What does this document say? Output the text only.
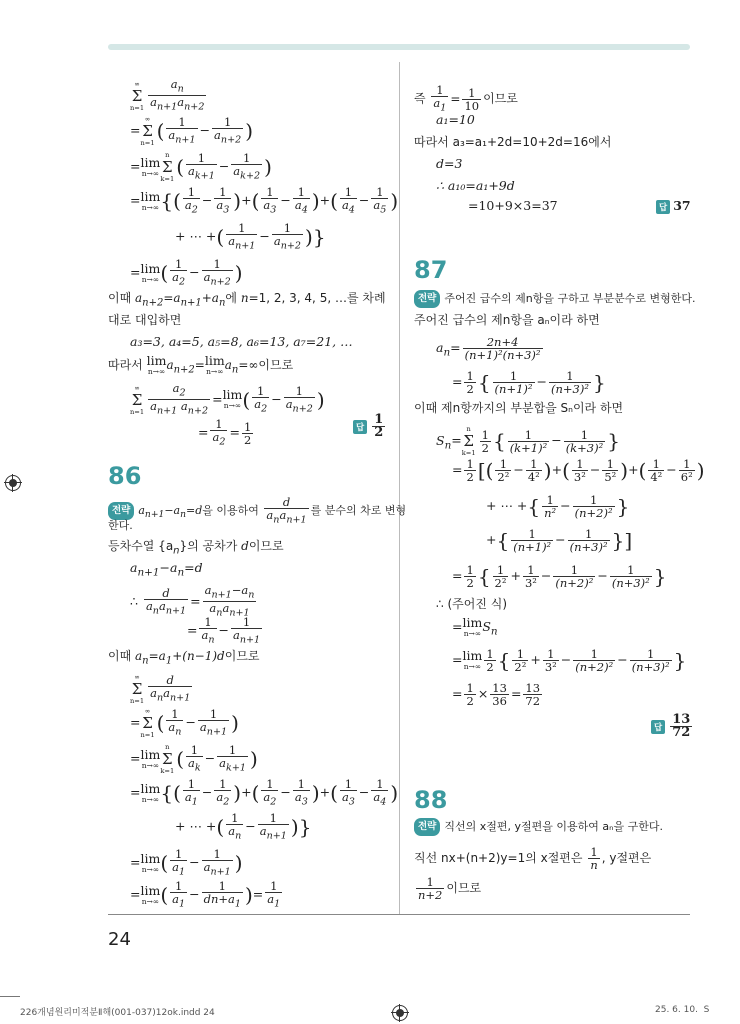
∞
Σ
$n=1 \frac{a_n}{a_{n+1}a_{n+2}}$
=∞
Σ
n=1 ( $\frac{1}{a_{n+1}} - \frac{1}{a_{n+2}}$ )
= lim
n→∞
n
Σ
k=1 ( $\frac{1}{a_{k+1}} - \frac{1}{a_{k+2}}$ )
= lim
n→∞ {( $\frac{1}{a_2} - \frac{1}{a_3}$ )+( $\frac{1}{a_3} - \frac{1}{a_4}$ )+( $\frac{1}{a_4} - \frac{1}{a_5}$ )
+ ⋯ +( $\frac{1}{a_{n+1}} - \frac{1}{a_{n+2}}$ )}
= lim
n→∞ ( $\frac{1}{a_2} - \frac{1}{a_{n+2}}$ )
이때 $a_{n+2}=a_{n+1}+a_n$에 n=1, 2, 3, 4, 5, …를 차례
대로 대입하면
a₃=3, a₄=5, a₅=8, a₆=13, a₇=21, …
따라서 lim
n→∞ $a_{n+2}= \lim$
n→∞ $a_n=\infty$이므로
∞
Σ
$n=1 \frac{a_2}{a_{n+1} a_{n+2}} = \lim$
n→∞ ( $\frac{1}{a_2} - \frac{1}{a_{n+2}}$ )
= $\frac{1}{a_2} = \frac{1}{2}$	답 $\frac{1}{2}$
86
전략 $a_{n+1}-a_n=d$을 이용하여 $\frac{d}{a_na_{n+1}}$ 를 분수의 차로 변형
한다.
등차수열 $\{a_n\}$의 공차가 d이므로
$a_{n+1}-a_n=d$
∴ $\frac{d}{a_na_{n+1}} = \frac{a_{n+1}-a_n}{a_na_{n+1}}$
= $\frac{1}{a_n} - \frac{1}{a_{n+1}}$
이때 $a_n=a_1+(n-1)d$이므로
∞
Σ
$n=1 \frac{d}{a_na_{n+1}}$
=∞
Σ
n=1 ( $\frac{1}{a_n} - \frac{1}{a_{n+1}}$ )
= lim
n→∞
n
Σ
k=1 ( $\frac{1}{a_k} - \frac{1}{a_{k+1}}$ )
= lim
n→∞ {( $\frac{1}{a_1} - \frac{1}{a_2}$ )+( $\frac{1}{a_2} - \frac{1}{a_3}$ )+( $\frac{1}{a_3} - \frac{1}{a_4}$ )
+ ⋯ +( $\frac{1}{a_n} - \frac{1}{a_{n+1}}$ )}
= lim
n→∞ ( $\frac{1}{a_1} - \frac{1}{a_{n+1}}$ )
= lim
n→∞ ( $\frac{1}{a_1} - \frac{1}{dn+a_1}$ )= $\frac{1}{a_1}$
즉 $\frac{1}{a_1} = \frac{1}{10}$ 이므로
a₁=10
따라서 a₃=a₁+2d=10+2d=16에서
d=3
∴ a₁₀=a₁+9d
=10+9×3=37	답 37
87
전략 주어진 급수의 제n항을 구하고 부분분수로 변형한다.
주어진 급수의 제n항을 aₙ이라 하면
$a_n= \frac{2n+4}{\text{(n+1)²(n+3)²}}$
= $\frac{1}{2}$ { $\frac{1}{\text{(n+1)²}} - \frac{1}{\text{(n+3)²}}$ }
이때 제n항까지의 부분합을 Sₙ이라 하면
$S_n=n$
Σ
$k=1 \frac{1}{2}$ { $\frac{1}{\text{(k+1)²}} - \frac{1}{\text{(k+3)²}}$ }
= $\frac{1}{2}$ [( $\frac{1}{\text{2²}} - \frac{1}{\text{4²}}$ )+( $\frac{1}{\text{3²}} - \frac{1}{\text{5²}}$ )+( $\frac{1}{\text{4²}} - \frac{1}{\text{6²}}$ )
+ ⋯ +{ $\frac{1}{\text{n²}} - \frac{1}{\text{(n+2)²}}$ }
+{ $\frac{1}{\text{(n+1)²}} - \frac{1}{\text{(n+3)²}}$ }]
= $\frac{1}{2}$ { $\frac{1}{\text{2²}} + \frac{1}{\text{3²}} - \frac{1}{\text{(n+2)²}} - \frac{1}{\text{(n+3)²}}$ }
∴ (주어진 식)
= lim
n→∞ $S_n$
= lim
$n\to\infty \frac{1}{2}$ { $\frac{1}{\text{2²}} + \frac{1}{\text{3²}} - \frac{1}{\text{(n+2)²}} - \frac{1}{\text{(n+3)²}}$ }
= $\frac{1}{2} \times \frac{13}{36} = \frac{13}{72}$
답 $\frac{13}{72}$
88
전략 직선의 x절편, y절편을 이용하여 aₙ을 구한다.
직선 nx+(n+2)y=1의 x절편은 $\frac{1}{n}$ , y절편은
$\frac{1}{n+2}$ 이므로
24
226개념원리미적분Ⅱ해(001-037)12ok.indd 24	25. 6. 10.  S
